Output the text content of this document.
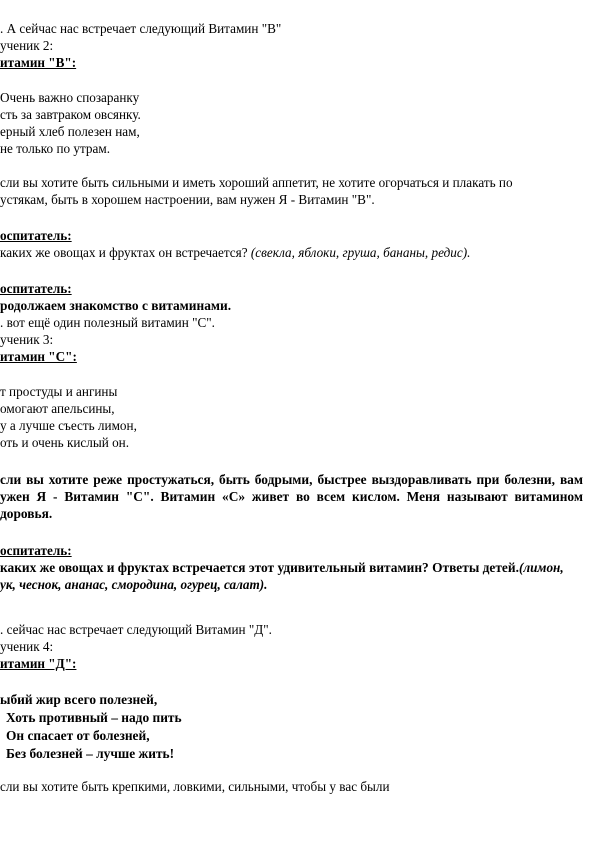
. А сейчас нас встречает следующий Витамин "В"
ученик 2:
итамин "В":
Очень важно спозаранку
сть за завтраком овсянку.
ерный хлеб полезен нам,
не только по утрам.
сли вы хотите быть сильными и иметь хороший аппетит, не хотите огорчаться и плакать по
устякам, быть в хорошем настроении, вам нужен Я - Витамин "В".
оспитатель:
каких же овощах и фруктах он встречается? (свекла, яблоки, груша, бананы, редис).
оспитатель:
родолжаем знакомство с витаминами.
. вот ещё один полезный витамин "С".
ученик 3:
итамин "С":
т простуды и ангины
омогают апельсины,
у а лучше съесть лимон,
оть и очень кислый он.
сли вы хотите реже простужаться, быть бодрыми, быстрее выздоравливать при болезни, вам
ужен Я - Витамин "С". Витамин «С» живет во всем кислом. Меня называют витамином
доровья.
оспитатель:
каких же овощах и фруктах встречается этот удивительный витамин? Ответы детей.(лимон,
ук, чеснок, ананас, смородина, огурец, салат).
. сейчас нас встречает следующий Витамин "Д".
ученик 4:
итамин "Д":
ыбий жир всего полезней,
Хоть противный – надо пить
Он спасает от болезней,
Без болезней – лучше жить!
сли вы хотите быть крепкими, ловкими, сильными, чтобы у вас были
